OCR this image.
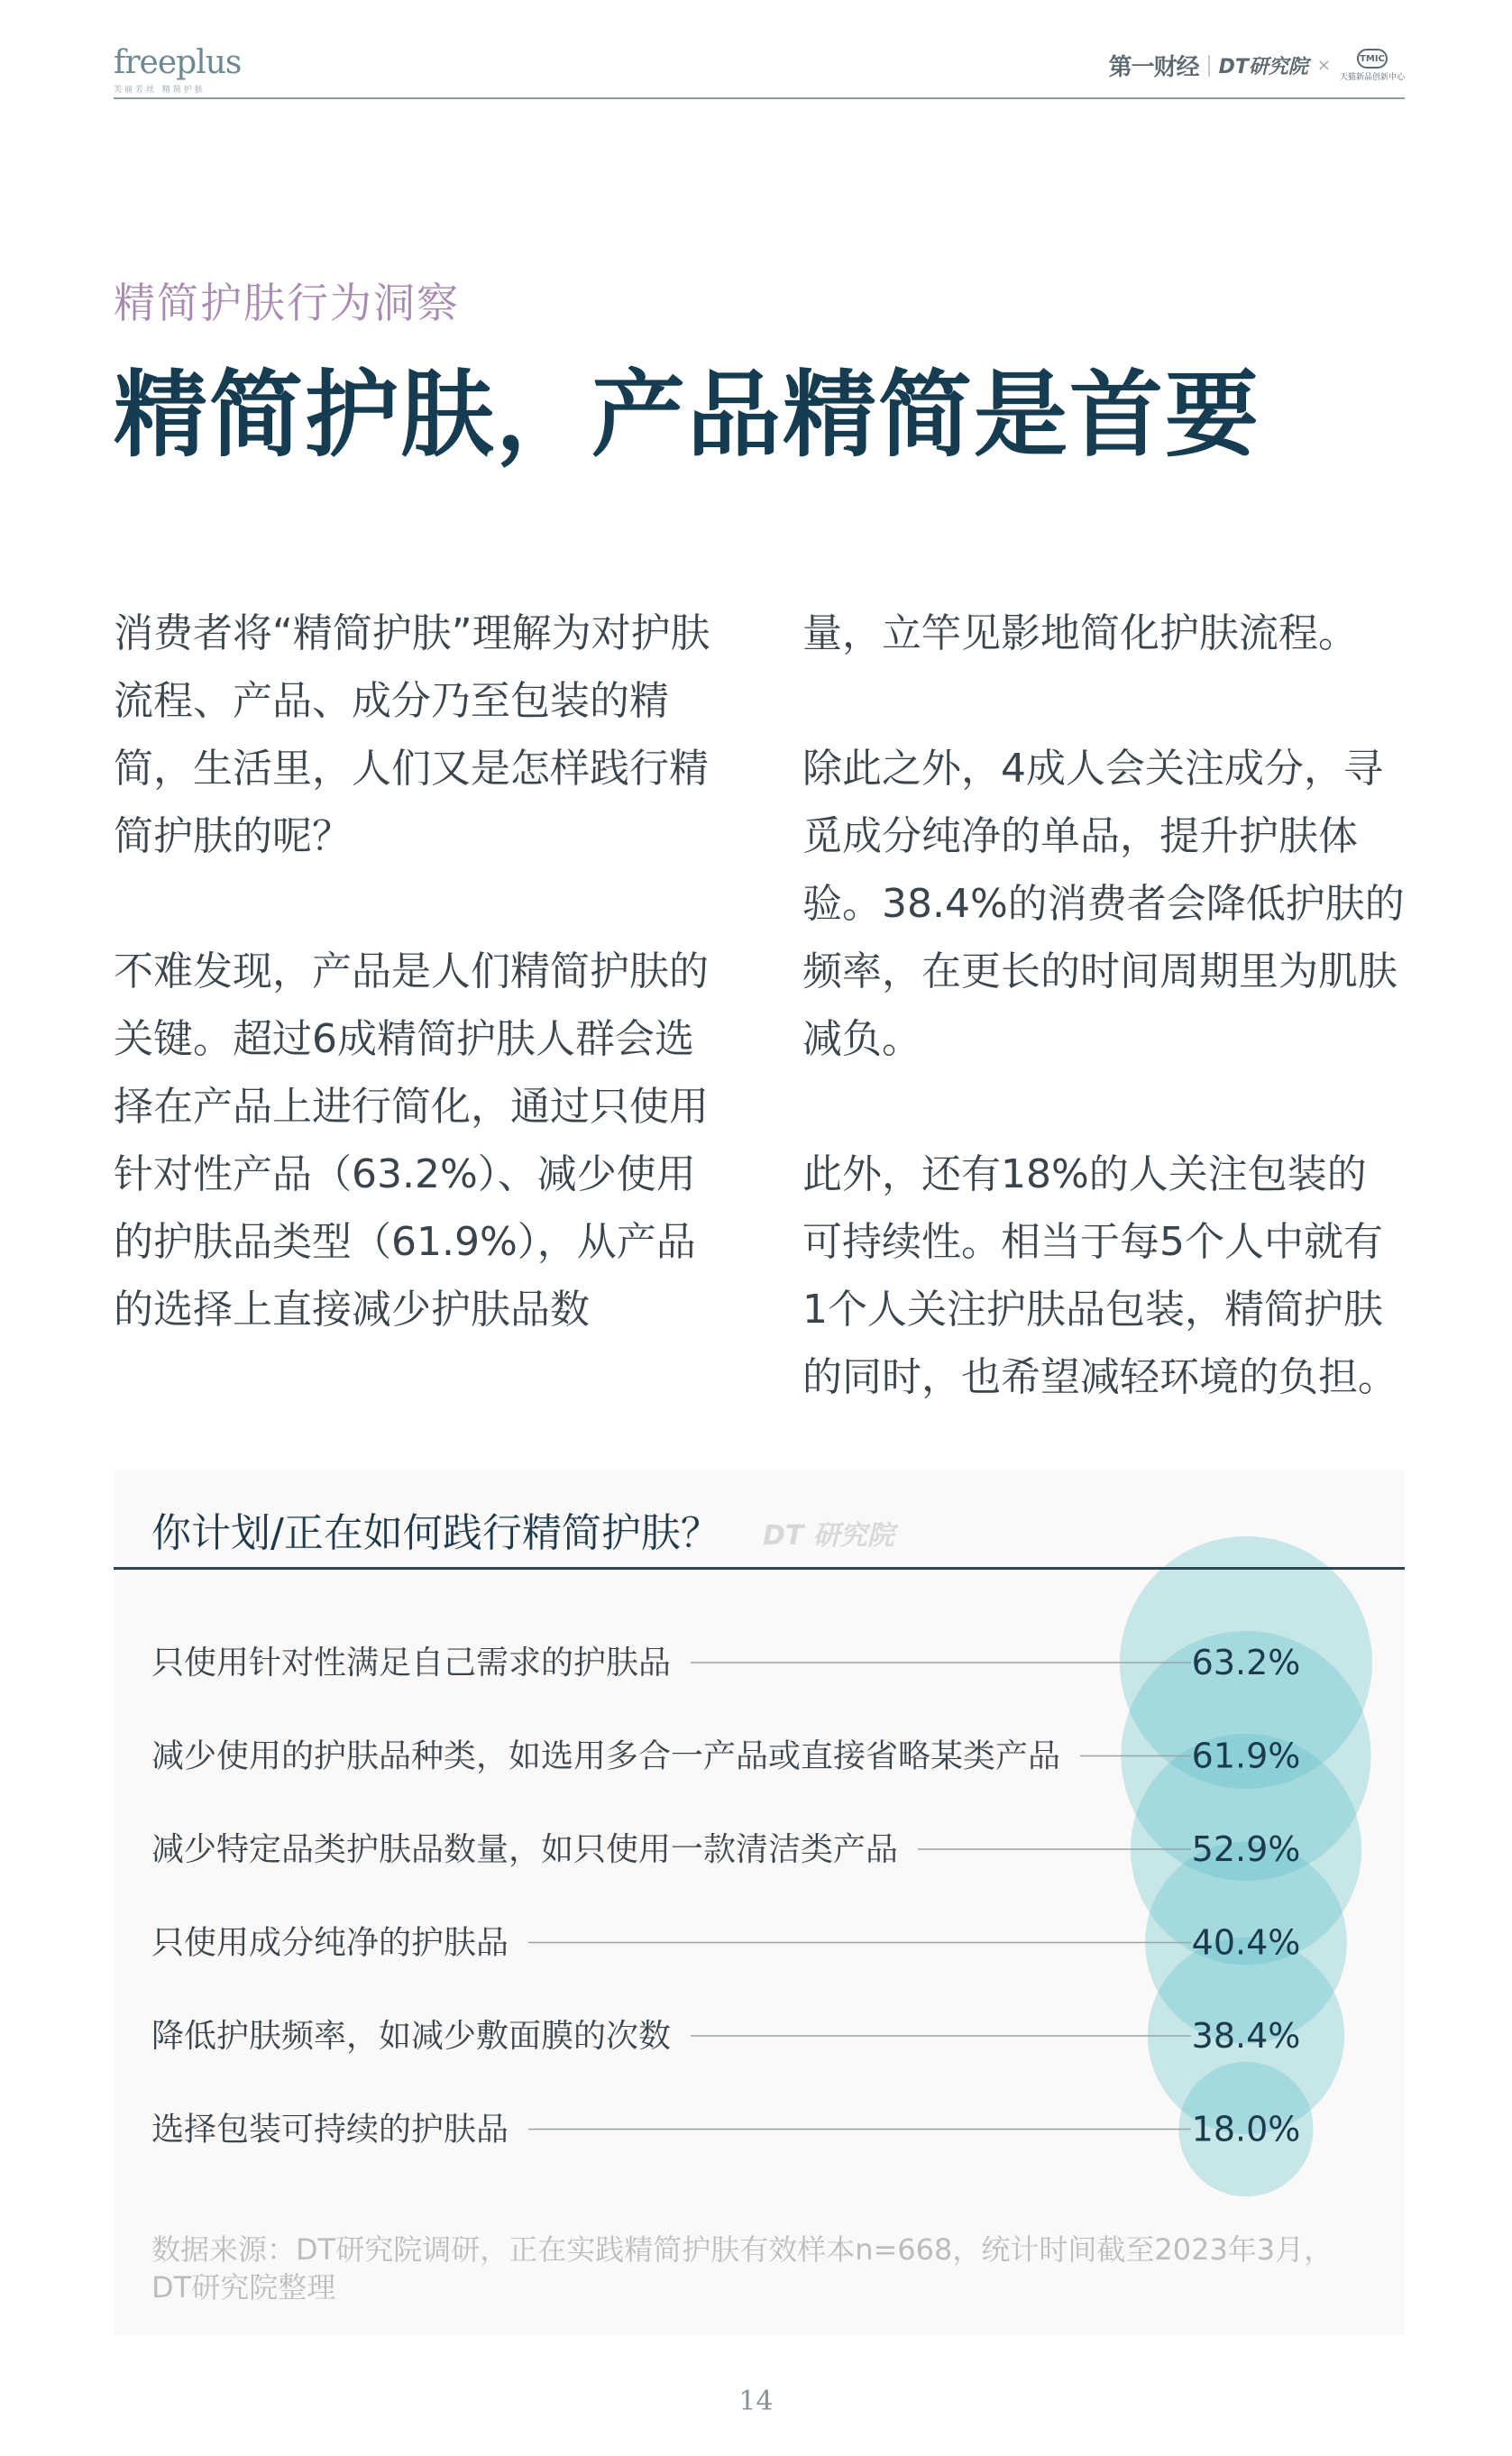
freeplus
芙丽芳丝 精简护肤
第一财经 DT研究院 ×	TMIC
天猫新品创新中心
精简护肤行为洞察
精简护肤，产品精简是首要

消费者将“精简护肤”理解为对护肤流程、产品、成分乃至包装的精简，生活里，人们又是怎样践行精简护肤的呢？

不难发现，产品是人们精简护肤的关键。超过6成精简护肤人群会选择在产品上进行简化，通过只使用针对性产品（63.2%）、减少使用的护肤品类型（61.9%），从产品的选择上直接减少护肤品数

量，立竿见影地简化护肤流程。

除此之外，4成人会关注成分，寻觅成分纯净的单品，提升护肤体验。38.4%的消费者会降低护肤的频率，在更长的时间周期里为肌肤减负。

此外，还有18%的人关注包装的可持续性。相当于每5个人中就有1个人关注护肤品包装，精简护肤的同时，也希望减轻环境的负担。

只使用针对性满足自己需求的护肤品	63.2%
减少使用的护肤品种类，如选用多合一产品或直接省略某类产品	61.9%
减少特定品类护肤品数量，如只使用一款清洁类产品	52.9%
只使用成分纯净的护肤品	40.4%
降低护肤频率，如减少敷面膜的次数	38.4%
选择包装可持续的护肤品	18.0%
你计划/正在如何践行精简护肤？ DT 研究院
数据来源：DT研究院调研，正在实践精简护肤有效样本n=668，统计时间截至2023年3月，DT研究院整理
14
